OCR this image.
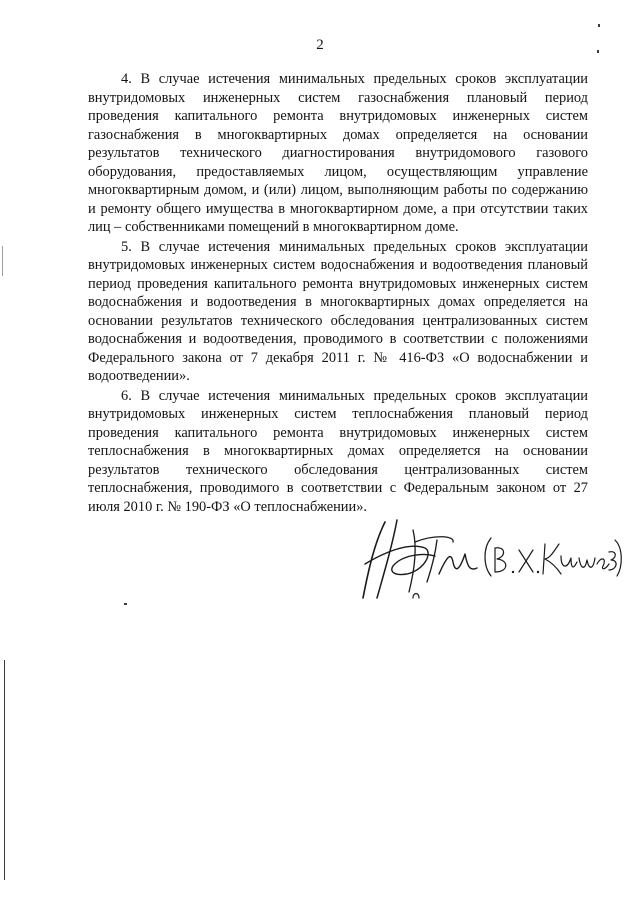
2

4. В случае истечения минимальных предельных сроков эксплуатации внутридомовых инженерных систем газоснабжения плановый период проведения капитального ремонта внутридомовых инженерных систем газоснабжения в многоквартирных домах определяется на основании результатов технического диагностирования внутридомового газового оборудования, предоставляемых лицом, осуществляющим управление многоквартирным домом, и (или) лицом, выполняющим работы по содержанию и ремонту общего имущества в многоквартирном доме, а при отсутствии таких лиц – собственниками помещений в многоквартирном доме.

5. В случае истечения минимальных предельных сроков эксплуатации внутридомовых инженерных систем водоснабжения и водоотведения плановый период проведения капитального ремонта внутридомовых инженерных систем водоснабжения и водоотведения в многоквартирных домах определяется на основании результатов технического обследования централизованных систем водоснабжения и водоотведения, проводимого в соответствии с положениями Федерального закона от 7 декабря 2011 г. № 416-ФЗ «О водоснабжении и водоотведении».

6. В случае истечения минимальных предельных сроков эксплуатации внутридомовых инженерных систем теплоснабжения плановый период проведения капитального ремонта внутридомовых инженерных систем теплоснабжения в многоквартирных домах определяется на основании результатов технического обследования централизованных систем теплоснабжения, проводимого в соответствии с Федеральным законом от 27 июля 2010 г. № 190-ФЗ «О теплоснабжении».
